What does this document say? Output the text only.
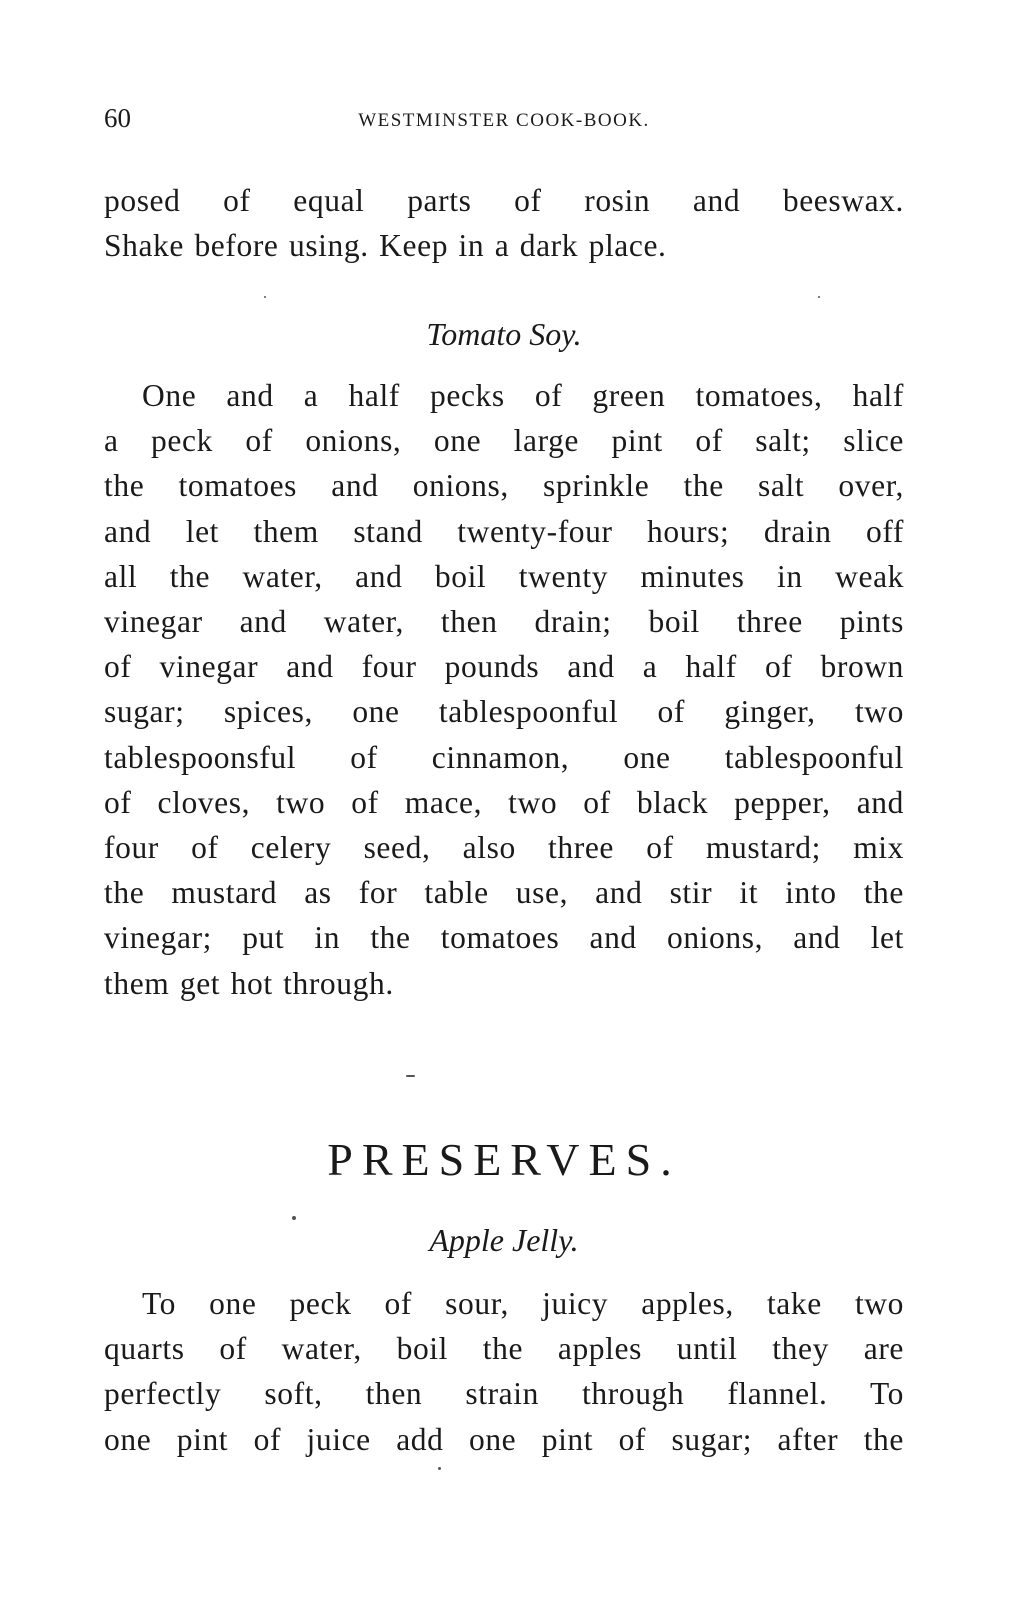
60	WESTMINSTER COOK-BOOK.
posed of equal parts of rosin and beeswax.
Shake before using. Keep in a dark place.
Tomato Soy.
One and a half pecks of green tomatoes, half
a peck of onions, one large pint of salt; slice
the tomatoes and onions, sprinkle the salt over,
and let them stand twenty-four hours; drain off
all the water, and boil twenty minutes in weak
vinegar and water, then drain; boil three pints
of vinegar and four pounds and a half of brown
sugar; spices, one tablespoonful of ginger, two
tablespoonsful of cinnamon, one tablespoonful
of cloves, two of mace, two of black pepper, and
four of celery seed, also three of mustard; mix
the mustard as for table use, and stir it into the
vinegar; put in the tomatoes and onions, and let
them get hot through.
PRESERVES.
Apple Jelly.
To one peck of sour, juicy apples, take two
quarts of water, boil the apples until they are
perfectly soft, then strain through flannel. To
one pint of juice add one pint of sugar; after the
